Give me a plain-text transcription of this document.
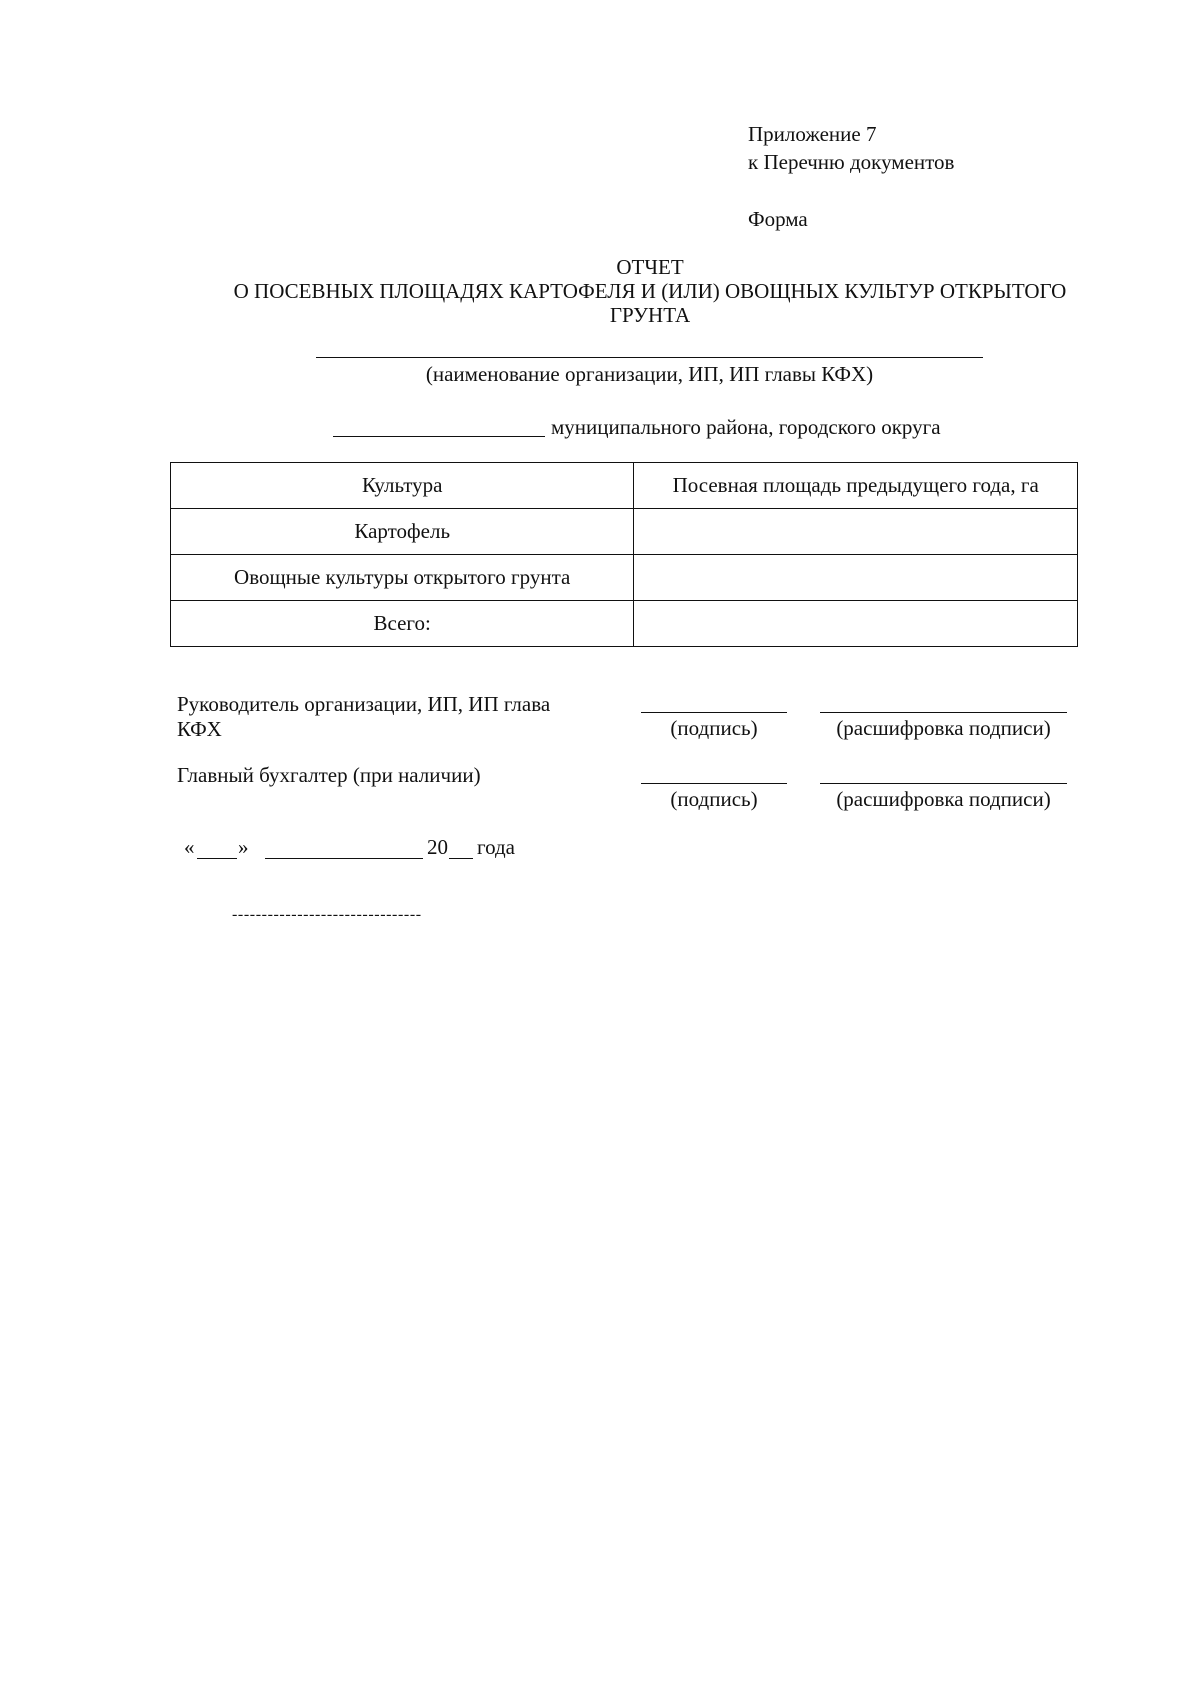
Приложение 7
к Перечню документов
Форма
ОТЧЕТ
О ПОСЕВНЫХ ПЛОЩАДЯХ КАРТОФЕЛЯ И (ИЛИ) ОВОЩНЫХ КУЛЬТУР ОТКРЫТОГО
ГРУНТА
(наименование организации, ИП, ИП главы КФХ)
муниципального района, городского округа
Культура	Посевная площадь предыдущего года, га
Картофель	
Овощные культуры открытого грунта	
Всего:	
Руководитель организации, ИП, ИП глава
КФХ	(подпись)	(расшифровка подписи)
Главный бухгалтер (при наличии)
(подпись)	(расшифровка подписи)
« »	20 года
--------------------------------
